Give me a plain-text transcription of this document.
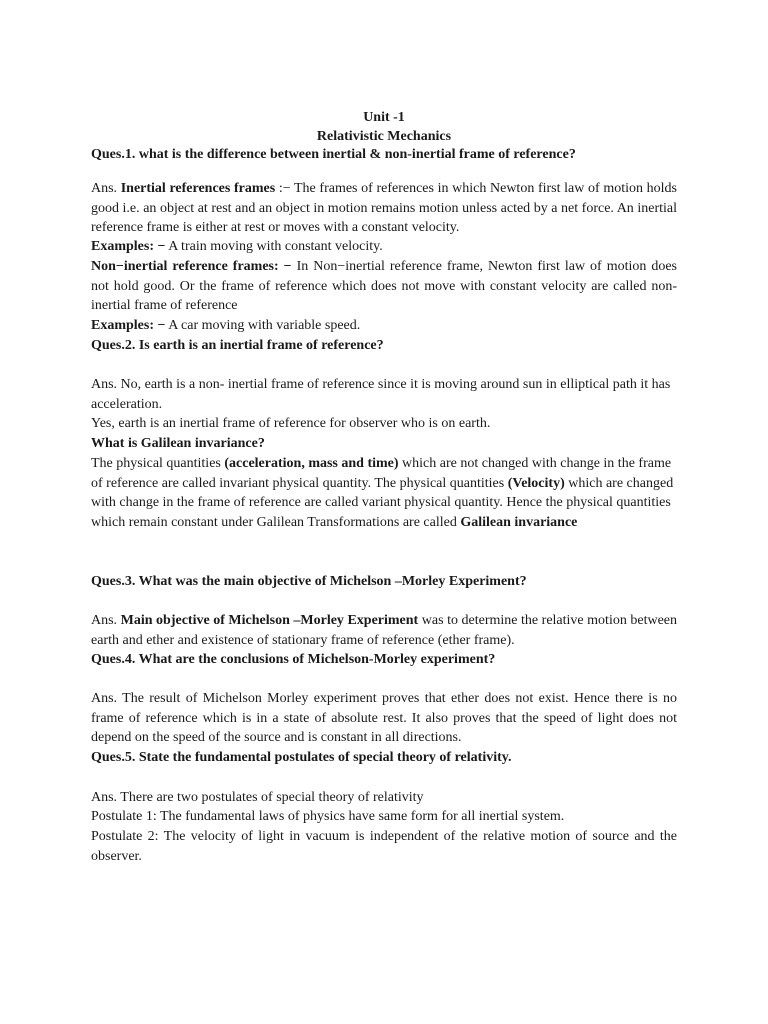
Unit -1
Relativistic Mechanics
Ques.1. what is the difference between inertial & non-inertial frame of reference?

Ans. Inertial references frames :− The frames of references in which Newton first law of motion holds good i.e. an object at rest and an object in motion remains motion unless acted by a net force. An inertial reference frame is either at rest or moves with a constant velocity.

Examples: − A train moving with constant velocity.

Non−inertial reference frames: − In Non−inertial reference frame, Newton first law of motion does not hold good. Or the frame of reference which does not move with constant velocity are called non-inertial frame of reference

Examples: − A car moving with variable speed.

Ques.2. Is earth is an inertial frame of reference?

Ans. No, earth is a non- inertial frame of reference since it is moving around sun in elliptical path it has acceleration.

Yes, earth is an inertial frame of reference for observer who is on earth.

What is Galilean invariance?

The physical quantities (acceleration, mass and time) which are not changed with change in the frame of reference are called invariant physical quantity. The physical quantities (Velocity) which are changed with change in the frame of reference are called variant physical quantity. Hence the physical quantities which remain constant under Galilean Transformations are called Galilean invariance

Ques.3. What was the main objective of Michelson –Morley Experiment?

Ans. Main objective of Michelson –Morley Experiment was to determine the relative motion between earth and ether and existence of stationary frame of reference (ether frame).

Ques.4. What are the conclusions of Michelson-Morley experiment?

Ans. The result of Michelson Morley experiment proves that ether does not exist. Hence there is no frame of reference which is in a state of absolute rest. It also proves that the speed of light does not depend on the speed of the source and is constant in all directions.

Ques.5. State the fundamental postulates of special theory of relativity.

Ans. There are two postulates of special theory of relativity

Postulate 1: The fundamental laws of physics have same form for all inertial system.

Postulate 2: The velocity of light in vacuum is independent of the relative motion of source and the observer.
